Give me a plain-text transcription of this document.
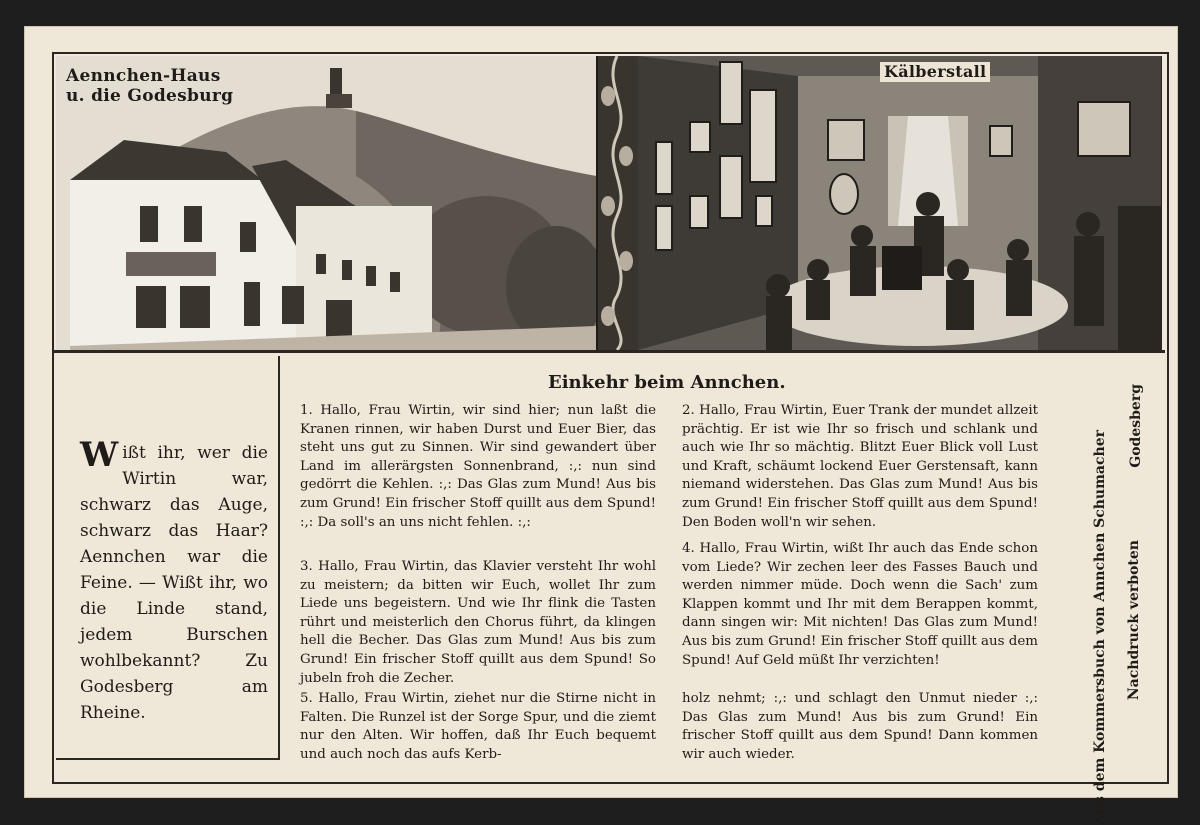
Aennchen-Haus
u. die Godesburg
Kälberstall
Wißt ihr, wer die Wirtin war, schwarz das Auge, schwarz das Haar? Aennchen war die Feine. — Wißt ihr, wo die Linde stand, jedem Burschen wohlbekannt? Zu Godesberg am Rheine.
Einkehr beim Annchen.
1. Hallo, Frau Wirtin, wir sind hier; nun laßt die Kranen rinnen, wir haben Durst und Euer Bier, das steht uns gut zu Sinnen. Wir sind gewandert über Land im allerärgsten Sonnenbrand, :,: nun sind gedörrt die Kehlen. :,: Das Glas zum Mund! Aus bis zum Grund! Ein frischer Stoff quillt aus dem Spund! :,: Da soll's an uns nicht fehlen. :,:
2. Hallo, Frau Wirtin, Euer Trank der mundet allzeit prächtig. Er ist wie Ihr so frisch und schlank und auch wie Ihr so mächtig. Blitzt Euer Blick voll Lust und Kraft, schäumt lockend Euer Gerstensaft, kann niemand widerstehen. Das Glas zum Mund! Aus bis zum Grund! Ein frischer Stoff quillt aus dem Spund! Den Boden woll'n wir sehen.
3. Hallo, Frau Wirtin, das Klavier versteht Ihr wohl zu meistern; da bitten wir Euch, wollet Ihr zum Liede uns begeistern. Und wie Ihr flink die Tasten rührt und meisterlich den Chorus führt, da klingen hell die Becher. Das Glas zum Mund! Aus bis zum Grund! Ein frischer Stoff quillt aus dem Spund! So jubeln froh die Zecher.
4. Hallo, Frau Wirtin, wißt Ihr auch das Ende schon vom Liede? Wir zechen leer des Fasses Bauch und werden nimmer müde. Doch wenn die Sach' zum Klappen kommt und Ihr mit dem Berappen kommt, dann singen wir: Mit nichten! Das Glas zum Mund! Aus bis zum Grund! Ein frischer Stoff quillt aus dem Spund! Auf Geld müßt Ihr verzichten!
5. Hallo, Frau Wirtin, ziehet nur die Stirne nicht in Falten. Die Runzel ist der Sorge Spur, und die ziemt nur den Alten. Wir hoffen, daß Ihr Euch bequemt und auch noch das aufs Kerb-
holz nehmt; :,: und schlagt den Unmut nieder :,: Das Glas zum Mund! Aus bis zum Grund! Ein frischer Stoff quillt aus dem Spund! Dann kommen wir auch wieder.	Aus dem Kommersbuch von Annchen Schumacher Nachdruck verboten
Godesberg
